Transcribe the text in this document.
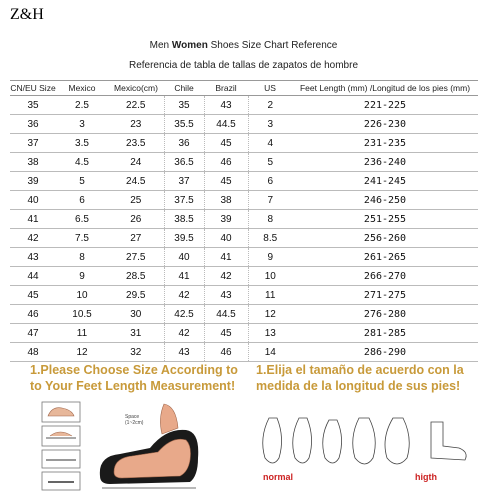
Z&H
Men Women Shoes Size Chart Reference
Referencia de tabla de tallas de zapatos de hombre
CN/EU Size	Mexico	Mexico(cm)	Chile	Brazil	US	Feet Length (mm) /Longitud de los pies (mm)
35	2.5	22.5	35	43	2	221-225
36	3	23	35.5	44.5	3	226-230
37	3.5	23.5	36	45	4	231-235
38	4.5	24	36.5	46	5	236-240
39	5	24.5	37	45	6	241-245
40	6	25	37.5	38	7	246-250
41	6.5	26	38.5	39	8	251-255
42	7.5	27	39.5	40	8.5	256-260
43	8	27.5	40	41	9	261-265
44	9	28.5	41	42	10	266-270
45	10	29.5	42	43	11	271-275
46	10.5	30	42.5	44.5	12	276-280
47	11	31	42	45	13	281-285
48	12	32	43	46	14	286-290
1.Please Choose Size According to to Your Feet Length Measurement!
1.Elija el tamaño de acuerdo con la medida de la longitud de sus pies!
Space
(1~2cm)
normal	higth
